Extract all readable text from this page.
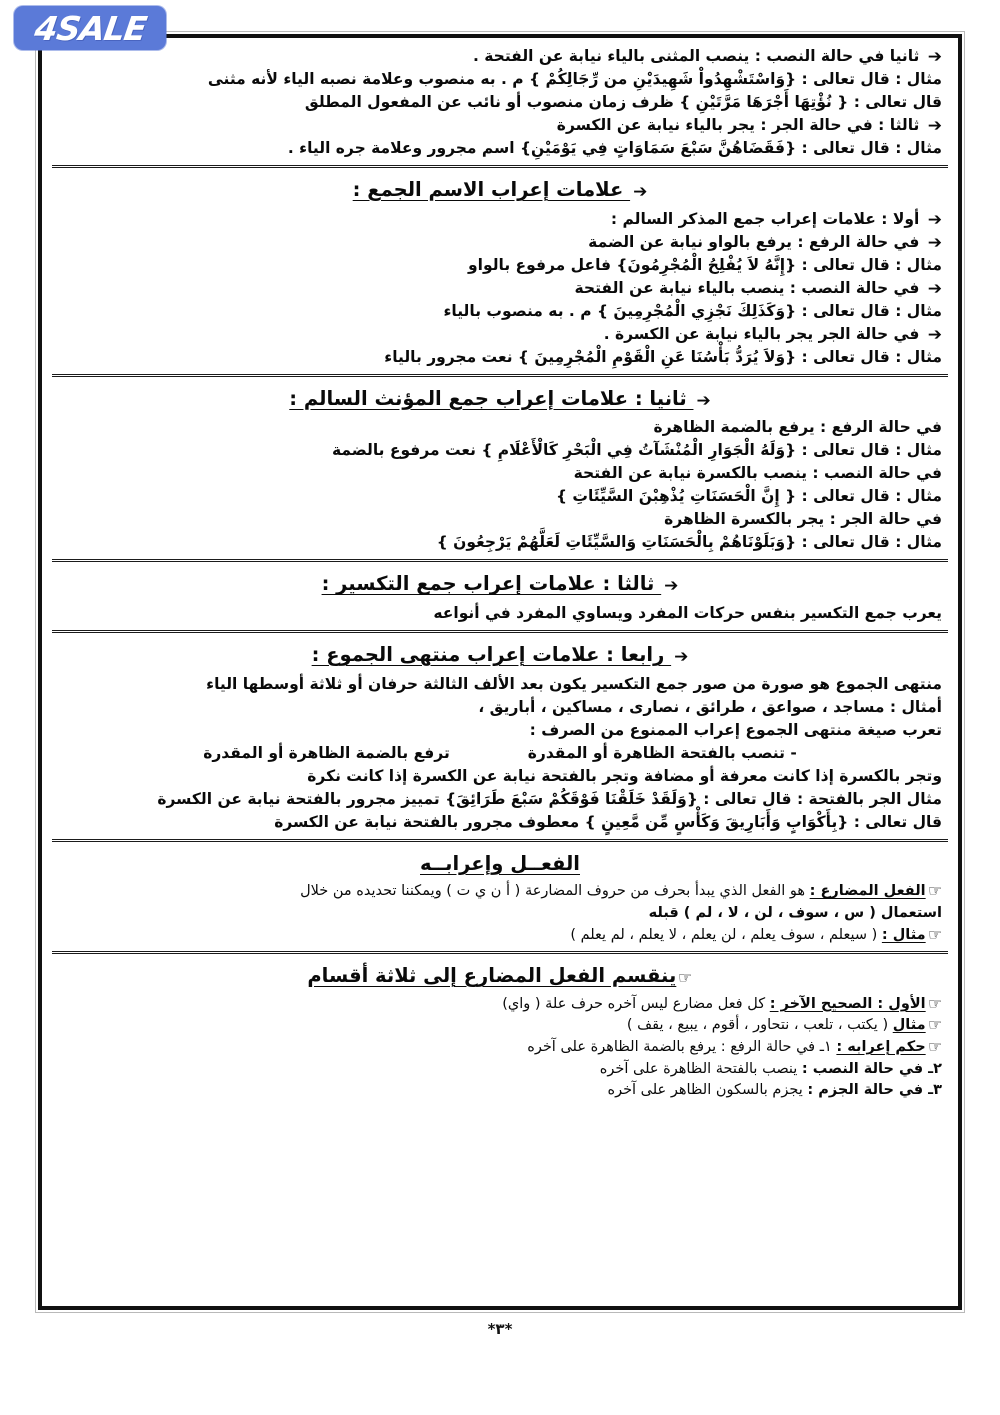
4SALE
➔ ثانيا في حالة النصب : ينصب المثنى بالياء نيابة عن الفتحة .
مثال : قال تعالى : {وَاسْتَشْهِدُواْ شَهِيدَيْنِ من رِّجَالِكُمْ } م . به منصوب وعلامة نصبه الياء لأنه مثنى
قال تعالى : { نُؤْتِهَا أَجْرَهَا مَرَّتَيْنِ } ظرف زمان منصوب أو نائب عن المفعول المطلق
➔ ثالثا : في حالة الجر : يجر بالياء نيابة عن الكسرة
مثال : قال تعالى : {فَقَضَاهُنَّ سَبْعَ سَمَاوَاتٍ فِي يَوْمَيْنِ} اسم مجرور وعلامة جره الياء .
➔ علامات إعراب الاسم الجمع :
➔ أولا : علامات إعراب جمع المذكر السالم :
➔ في حالة الرفع : يرفع بالواو نيابة عن الضمة
مثال : قال تعالى : {إِنَّهُ لاَ يُفْلِحُ الْمُجْرِمُونَ} فاعل مرفوع بالواو
➔ في حالة النصب : ينصب بالياء نيابة عن الفتحة
مثال : قال تعالى : {وَكَذَلِكَ نَجْزِي الْمُجْرِمِينَ } م . به منصوب بالياء
➔ في حالة الجر يجر بالياء نيابة عن الكسرة .
مثال : قال تعالى : {وَلاَ يُرَدُّ بَأْسُنَا عَنِ الْقَوْمِ الْمُجْرِمِينَ } نعت مجرور بالياء
➔ ثانيا : علامات إعراب جمع المؤنث السالم :
في حالة الرفع : يرفع بالضمة الظاهرة
مثال : قال تعالى : {وَلَهُ الْجَوَارِ الْمُنْشَآتُ فِي الْبَحْرِ كَالْأَعْلَامِ } نعت مرفوع بالضمة
في حالة النصب : ينصب بالكسرة نيابة عن الفتحة
مثال : قال تعالى : { إِنَّ الْحَسَنَاتِ يُذْهِبْنَ السَّيِّئَاتِ }
في حالة الجر : يجر بالكسرة الظاهرة
مثال : قال تعالى : {وَبَلَوْنَاهُمْ بِالْحَسَنَاتِ وَالسَّيِّئَاتِ لَعَلَّهُمْ يَرْجِعُونَ }
➔ ثالثا : علامات إعراب جمع التكسير :
يعرب جمع التكسير بنفس حركات المفرد ويساوي المفرد في أنواعه
➔ رابعا : علامات إعراب منتهى الجموع :
منتهى الجموع هو صورة من صور جمع التكسير يكون بعد الألف الثالثة حرفان أو ثلاثة أوسطها الياء
أمثال : مساجد ، صواعق ، طرائق ، نصارى ، مساكين ، أباريق ،
تعرب صيغة منتهى الجموع إعراب الممنوع من الصرف :
ترفع بالضمة الظاهرة أو المقدرة	‑ تنصب بالفتحة الظاهرة أو المقدرة
وتجر بالكسرة إذا كانت معرفة أو مضافة وتجر بالفتحة نيابة عن الكسرة إذا كانت نكرة
مثال الجر بالفتحة : قال تعالى : {وَلَقَدْ خَلَقْنَا فَوْقَكُمْ سَبْعَ طَرَائِقَ} تمييز مجرور بالفتحة نيابة عن الكسرة
قال تعالى : {بِأَكْوَابٍ وَأَبَارِيقَ وَكَأْسٍ مِّن مَّعِينٍ } معطوف مجرور بالفتحة نيابة عن الكسرة
الفعــل وإعرابــه
☜الفعل المضارع : هو الفعل الذي يبدأ بحرف من حروف المضارعة ( أ ن ي ت ) ويمكننا تحديده من خلال
استعمال ( س ، سوف ، لن ، لا ، لم ) قبله
☜مثال : ( سيعلم ، سوف يعلم ، لن يعلم ، لا يعلم ، لم يعلم )
☜ينقسم الفعل المضارع إلى ثلاثة أقسام
☜الأول : الصحيح الآخر : كل فعل مضارع ليس آخره حرف علة ( واي)
☜مثال ( يكتب ، تلعب ، نتحاور ، أقوم ، يبيع ، يقف )
☜حكم إعرابه : ١ـ في حالة الرفع : يرفع بالضمة الظاهرة على آخره
٢ـ في حالة النصب : ينصب بالفتحة الظاهرة على آخره
٣ـ في حالة الجزم : يجزم بالسكون الظاهر على آخره
*٣*
